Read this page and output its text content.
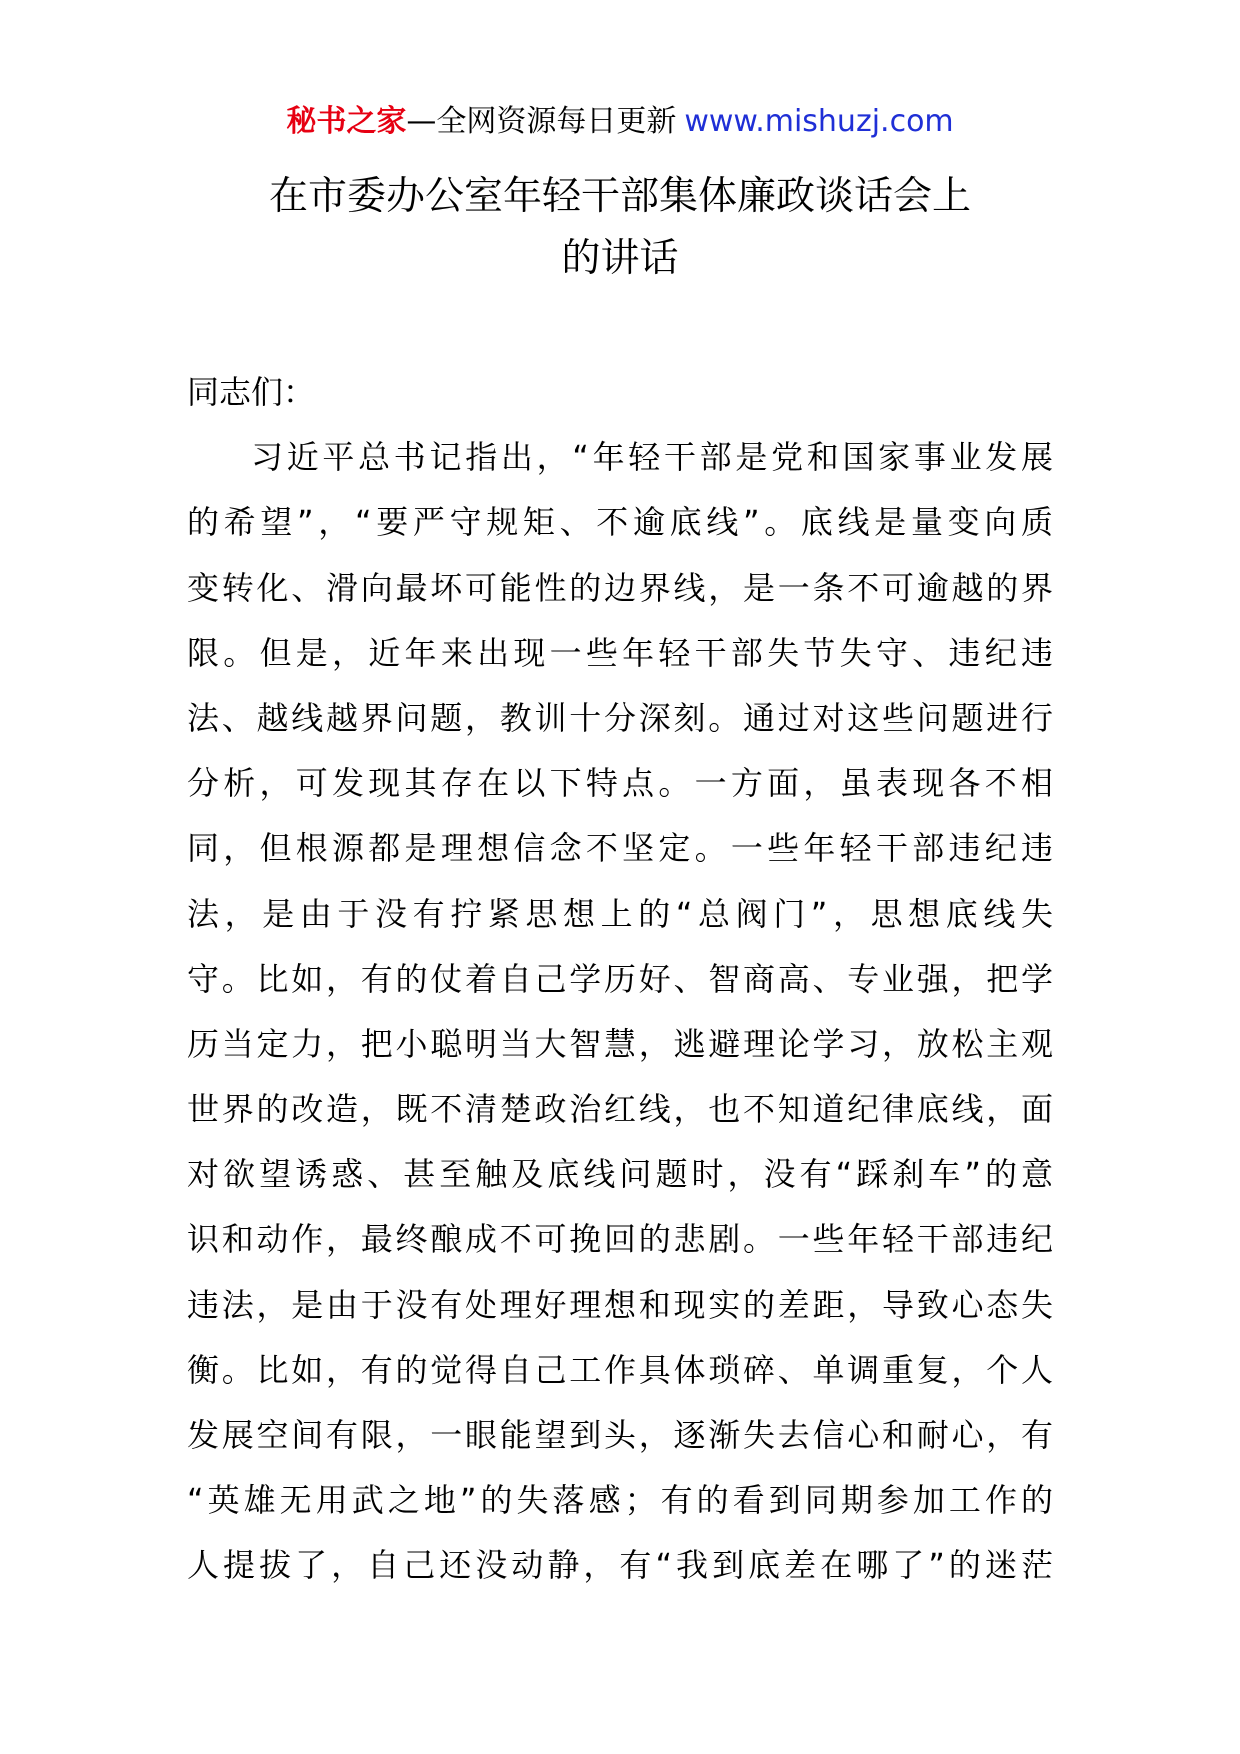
秘书之家—全网资源每日更新 www.mishuzj.com
在市委办公室年轻干部集体廉政谈话会上
的讲话
同志们：
习近平总书记指出，“年轻干部是党和国家事业发展
的希望”，“要严守规矩、不逾底线”。底线是量变向质
变转化、滑向最坏可能性的边界线，是一条不可逾越的界
限。但是，近年来出现一些年轻干部失节失守、违纪违
法、越线越界问题，教训十分深刻。通过对这些问题进行
分析，可发现其存在以下特点。一方面，虽表现各不相
同，但根源都是理想信念不坚定。一些年轻干部违纪违
法，是由于没有拧紧思想上的“总阀门”，思想底线失
守。比如，有的仗着自己学历好、智商高、专业强，把学
历当定力，把小聪明当大智慧，逃避理论学习，放松主观
世界的改造，既不清楚政治红线，也不知道纪律底线，面
对欲望诱惑、甚至触及底线问题时，没有“踩刹车”的意
识和动作，最终酿成不可挽回的悲剧。一些年轻干部违纪
违法，是由于没有处理好理想和现实的差距，导致心态失
衡。比如，有的觉得自己工作具体琐碎、单调重复，个人
发展空间有限，一眼能望到头，逐渐失去信心和耐心，有
“英雄无用武之地”的失落感；有的看到同期参加工作的
人提拔了，自己还没动静，有“我到底差在哪了”的迷茫
